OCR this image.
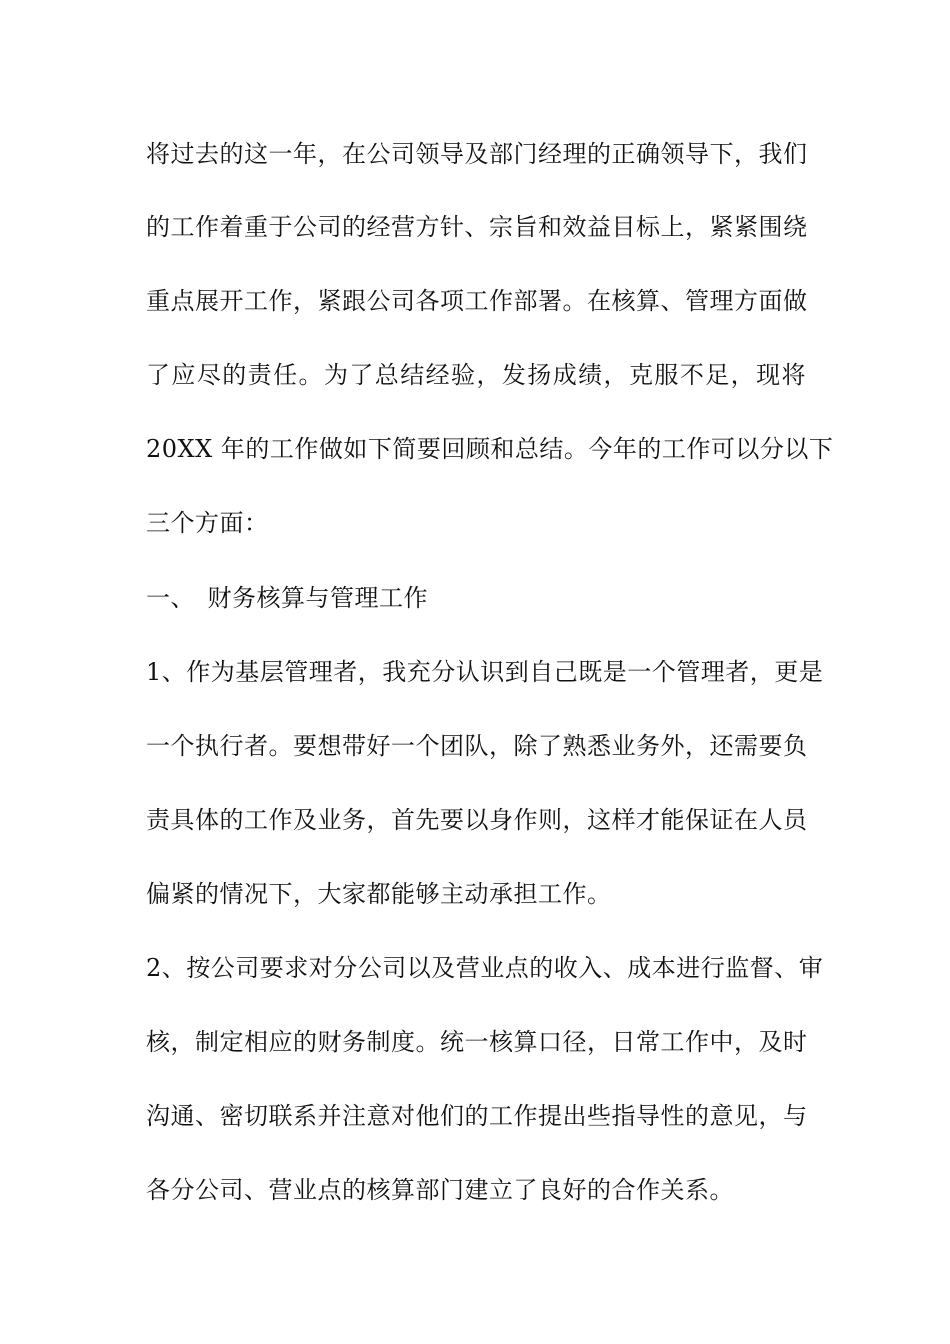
将过去的这一年，在公司领导及部门经理的正确领导下，我们
的工作着重于公司的经营方针、宗旨和效益目标上，紧紧围绕
重点展开工作，紧跟公司各项工作部署。在核算、管理方面做
了应尽的责任。为了总结经验，发扬成绩，克服不足，现将
20XX 年的工作做如下简要回顾和总结。今年的工作可以分以下
三个方面：
一、　财务核算与管理工作
1、作为基层管理者，我充分认识到自己既是一个管理者，更是
一个执行者。要想带好一个团队，除了熟悉业务外，还需要负
责具体的工作及业务，首先要以身作则，这样才能保证在人员
偏紧的情况下，大家都能够主动承担工作。
2、按公司要求对分公司以及营业点的收入、成本进行监督、审
核，制定相应的财务制度。统一核算口径，日常工作中，及时
沟通、密切联系并注意对他们的工作提出些指导性的意见，与
各分公司、营业点的核算部门建立了良好的合作关系。
